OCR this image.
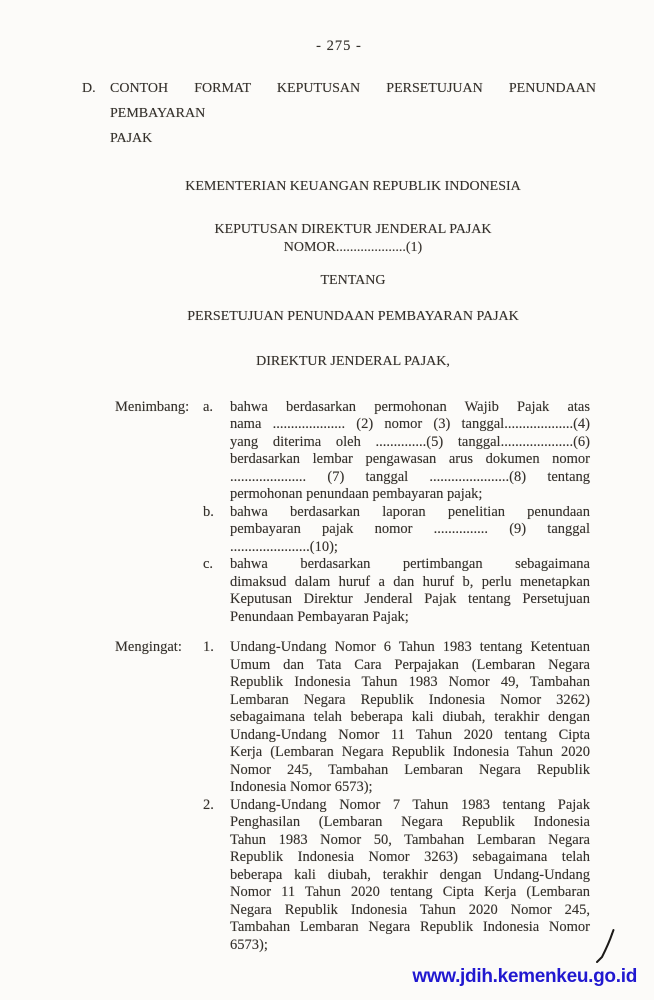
- 275 -
D.	CONTOH FORMAT KEPUTUSAN PERSETUJUAN PENUNDAAN PEMBAYARAN
PAJAK
KEMENTERIAN KEUANGAN REPUBLIK INDONESIA
KEPUTUSAN DIREKTUR JENDERAL PAJAK
NOMOR....................(1)
TENTANG
PERSETUJUAN PENUNDAAN PEMBAYARAN PAJAK
DIREKTUR JENDERAL PAJAK,
Menimbang: a.	bahwa berdasarkan permohonan Wajib Pajak atas
nama .................... (2) nomor (3) tanggal...................(4)
yang diterima oleh ..............(5) tanggal....................(6)
berdasarkan lembar pengawasan arus dokumen nomor
..................... (7) tanggal ......................(8) tentang
permohonan penundaan pembayaran pajak;
b.	bahwa berdasarkan laporan penelitian penundaan
pembayaran pajak nomor ............... (9) tanggal
......................(10);
c.	bahwa berdasarkan pertimbangan sebagaimana
dimaksud dalam huruf a dan huruf b, perlu menetapkan
Keputusan Direktur Jenderal Pajak tentang Persetujuan
Penundaan Pembayaran Pajak;
Mengingat:	1.	Undang-Undang Nomor 6 Tahun 1983 tentang Ketentuan
Umum dan Tata Cara Perpajakan (Lembaran Negara
Republik Indonesia Tahun 1983 Nomor 49, Tambahan
Lembaran Negara Republik Indonesia Nomor 3262)
sebagaimana telah beberapa kali diubah, terakhir dengan
Undang-Undang Nomor 11 Tahun 2020 tentang Cipta
Kerja (Lembaran Negara Republik Indonesia Tahun 2020
Nomor 245, Tambahan Lembaran Negara Republik
Indonesia Nomor 6573);
2.	Undang-Undang Nomor 7 Tahun 1983 tentang Pajak
Penghasilan (Lembaran Negara Republik Indonesia
Tahun 1983 Nomor 50, Tambahan Lembaran Negara
Republik Indonesia Nomor 3263) sebagaimana telah
beberapa kali diubah, terakhir dengan Undang-Undang
Nomor 11 Tahun 2020 tentang Cipta Kerja (Lembaran
Negara Republik Indonesia Tahun 2020 Nomor 245,
Tambahan Lembaran Negara Republik Indonesia Nomor
6573);
www.jdih.kemenkeu.go.id
